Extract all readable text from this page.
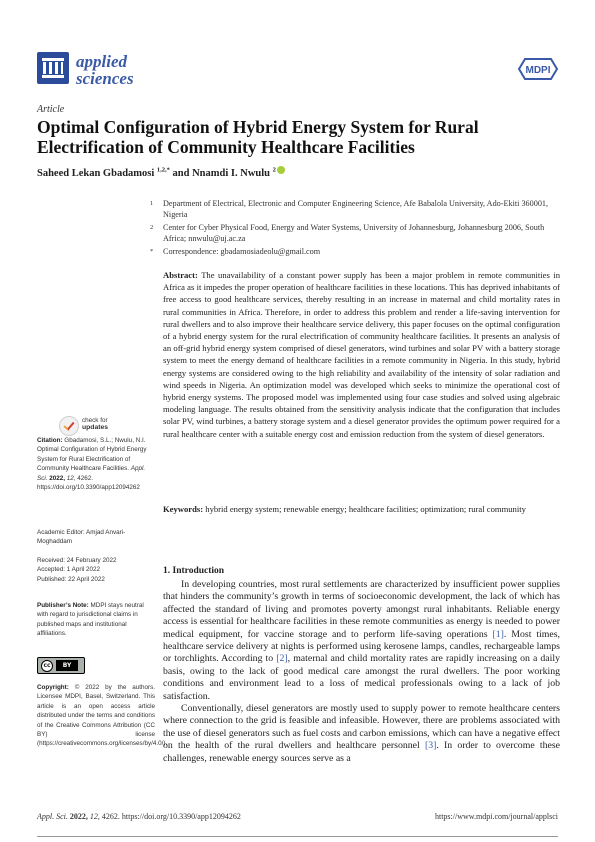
applied
sciences	MDPI
Article
Optimal Configuration of Hybrid Energy System for Rural Electrification of Community Healthcare Facilities
Saheed Lekan Gbadamosi $^{1,2,*}$ and Nnamdi I. Nwulu $^2$
1 Department of Electrical, Electronic and Computer Engineering Science, Afe Babalola University, Ado-Ekiti 360001, Nigeria
2 Center for Cyber Physical Food, Energy and Water Systems, University of Johannesburg, Johannesburg 2006, South Africa; nnwulu@uj.ac.za
* Correspondence: gbadamosiadeolu@gmail.com

Abstract: The unavailability of a constant power supply has been a major problem in remote communities in Africa as it impedes the proper operation of healthcare facilities in these locations. This has deprived inhabitants of free access to good healthcare services, thereby resulting in an increase in maternal and child mortality rates in rural communities in Africa. Therefore, in order to address this problem and render a life-saving intervention for rural dwellers and to also improve their healthcare service delivery, this paper focuses on the optimal configuration of a hybrid energy system for the rural electrification of community healthcare facilities. It presents an analysis of an off-grid hybrid energy system comprised of diesel generators, wind turbines and solar PV with a battery storage system to meet the energy demand of healthcare facilities in a remote community in Nigeria. In this study, hybrid energy systems are considered owing to the high reliability and availability of the intensity of solar radiation and wind speeds in Nigeria. An optimization model was developed which seeks to minimize the operational cost of hybrid energy systems. The proposed model was implemented using four case studies and solved using algebraic modeling language. The results obtained from the sensitivity analysis indicate that the configuration that includes solar PV, wind turbines, a battery storage system and a diesel generator provides the optimum power required for a rural healthcare center with a suitable energy cost and emission reduction from the system of diesel generators.

Keywords: hybrid energy system; renewable energy; healthcare facilities; optimization; rural community

check for
updates
Citation: Gbadamosi, S.L.; Nwulu, N.I. Optimal Configuration of Hybrid Energy System for Rural Electrification of Community Healthcare Facilities. Appl. Sci. 2022, 12, 4262. https://doi.org/10.3390/app12094262
Academic Editor: Amjad Anvari-Moghaddam
Received: 24 February 2022
Accepted: 1 April 2022
Published: 22 April 2022
Publisher’s Note: MDPI stays neutral with regard to jurisdictional claims in published maps and institutional affiliations.
cc	BY
Copyright: © 2022 by the authors. Licensee MDPI, Basel, Switzerland. This article is an open access article distributed under the terms and conditions of the Creative Commons Attribution (CC BY) license (https://creativecommons.org/licenses/by/4.0/).
1. Introduction

In developing countries, most rural settlements are characterized by insufficient power supplies that hinders the community’s growth in terms of socioeconomic development, the lack of which has affected the standard of living and promotes poverty amongst rural inhabitants. Reliable energy access is essential for healthcare facilities in these remote communities as energy is needed to power medical equipment, for vaccine storage and to perform life-saving operations [1]. Most times, healthcare service delivery at nights is performed using kerosene lamps, candles, rechargeable lamps or torchlights. According to [2], maternal and child mortality rates are rapidly increasing on a daily basis, owing to the lack of good medical care amongst the rural dwellers. The poor working conditions and environment lead to a loss of medical professionals owing to a lack of job satisfaction.

Conventionally, diesel generators are mostly used to supply power to remote healthcare centers where connection to the grid is feasible and infeasible. However, there are problems associated with the use of diesel generators such as fuel costs and carbon emissions, which can have a negative effect on the health of the rural dwellers and healthcare personnel [3]. In order to overcome these challenges, renewable energy sources serve as a

Appl. Sci. 2022, 12, 4262. https://doi.org/10.3390/app12094262	https://www.mdpi.com/journal/applsci
